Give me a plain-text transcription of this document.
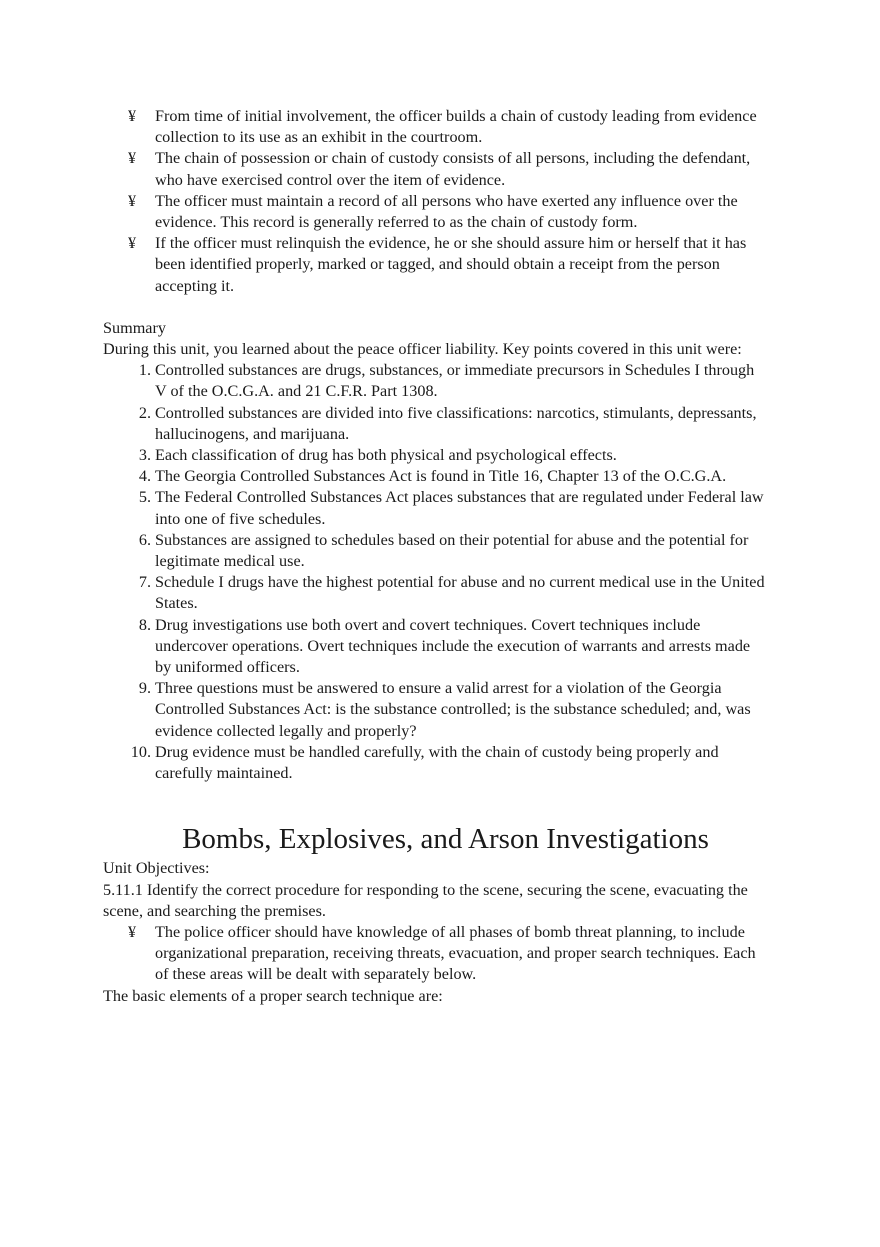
¥ From time of initial involvement, the officer builds a chain of custody leading from evidence collection to its use as an exhibit in the courtroom.
¥ The chain of possession or chain of custody consists of all persons, including the defendant, who have exercised control over the item of evidence.
¥ The officer must maintain a record of all persons who have exerted any influence over the evidence. This record is generally referred to as the chain of custody form.
¥ If the officer must relinquish the evidence, he or she should assure him or herself that it has been identified properly, marked or tagged, and should obtain a receipt from the person accepting it.

Summary

During this unit, you learned about the peace officer liability. Key points covered in this unit were:

1. Controlled substances are drugs, substances, or immediate precursors in Schedules I through V of the O.C.G.A. and 21 C.F.R. Part 1308.
2. Controlled substances are divided into five classifications: narcotics, stimulants, depressants, hallucinogens, and marijuana.
3. Each classification of drug has both physical and psychological effects.
4. The Georgia Controlled Substances Act is found in Title 16, Chapter 13 of the O.C.G.A.
5. The Federal Controlled Substances Act places substances that are regulated under Federal law into one of five schedules.
6. Substances are assigned to schedules based on their potential for abuse and the potential for legitimate medical use.
7. Schedule I drugs have the highest potential for abuse and no current medical use in the United States.
8. Drug investigations use both overt and covert techniques. Covert techniques include undercover operations. Overt techniques include the execution of warrants and arrests made by uniformed officers.
9. Three questions must be answered to ensure a valid arrest for a violation of the Georgia Controlled Substances Act: is the substance controlled; is the substance scheduled; and, was evidence collected legally and properly?
10. Drug evidence must be handled carefully, with the chain of custody being properly and carefully maintained.
Bombs, Explosives, and Arson Investigations

Unit Objectives:

5.11.1 Identify the correct procedure for responding to the scene, securing the scene, evacuating the scene, and searching the premises.

¥ The police officer should have knowledge of all phases of bomb threat planning, to include organizational preparation, receiving threats, evacuation, and proper search techniques. Each of these areas will be dealt with separately below.

The basic elements of a proper search technique are:
